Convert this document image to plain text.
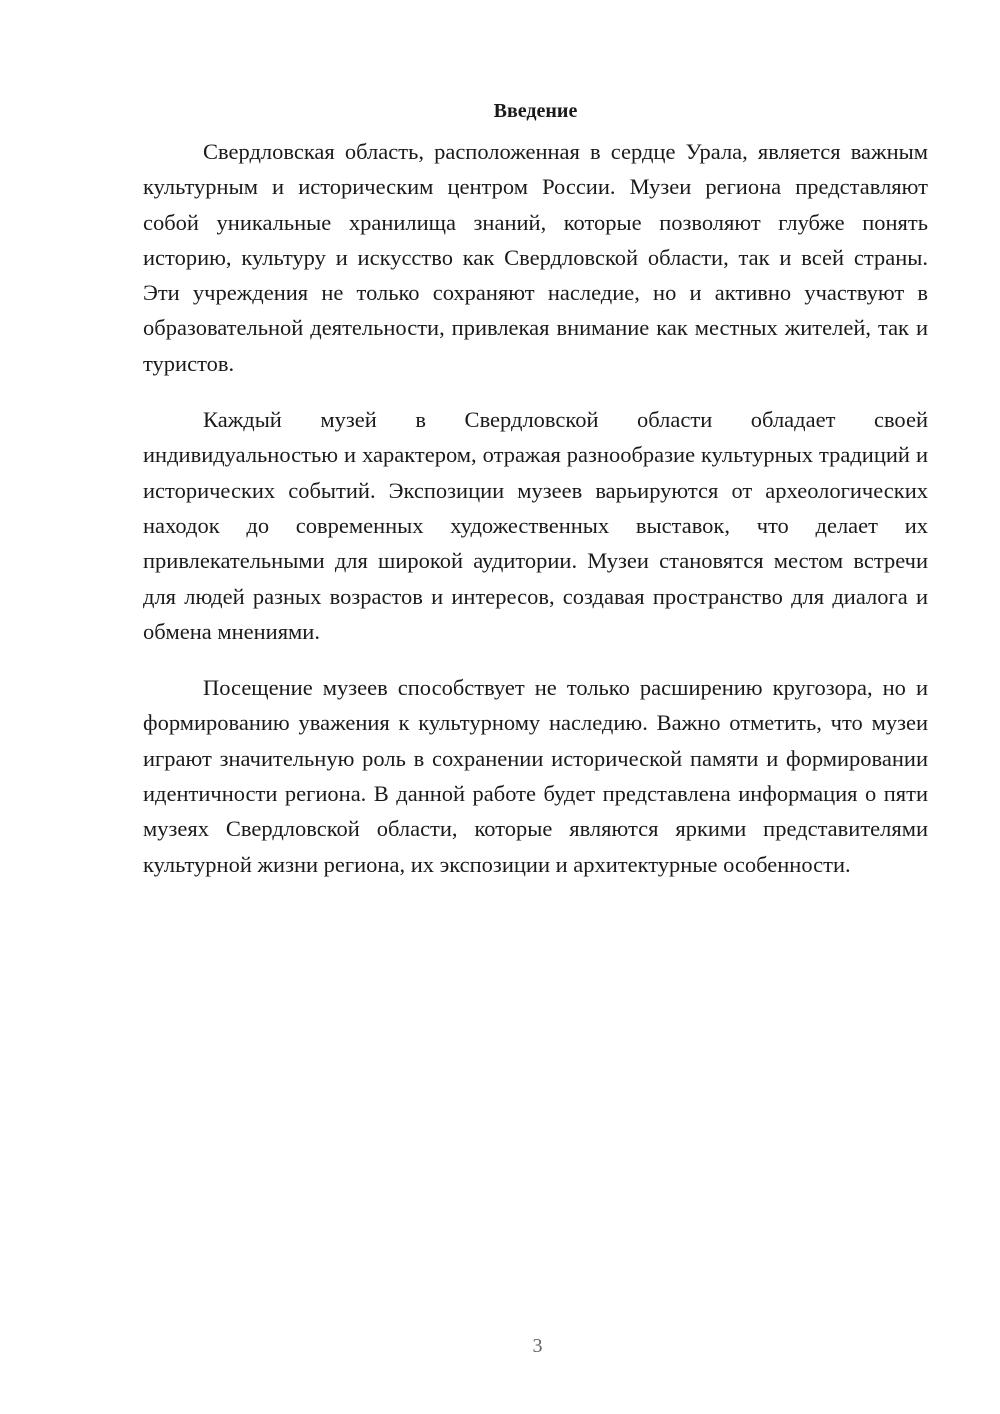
Введение

Свердловская область, расположенная в сердце Урала, является важным культурным и историческим центром России. Музеи региона представляют собой уникальные хранилища знаний, которые позволяют глубже понять историю, культуру и искусство как Свердловской области, так и всей страны. Эти учреждения не только сохраняют наследие, но и активно участвуют в образовательной деятельности, привлекая внимание как местных жителей, так и туристов.

Каждый музей в Свердловской области обладает своей индивидуальностью и характером, отражая разнообразие культурных традиций и исторических событий. Экспозиции музеев варьируются от археологических находок до современных художественных выставок, что делает их привлекательными для широкой аудитории. Музеи становятся местом встречи для людей разных возрастов и интересов, создавая пространство для диалога и обмена мнениями.

Посещение музеев способствует не только расширению кругозора, но и формированию уважения к культурному наследию. Важно отметить, что музеи играют значительную роль в сохранении исторической памяти и формировании идентичности региона. В данной работе будет представлена информация о пяти музеях Свердловской области, которые являются яркими представителями культурной жизни региона, их экспозиции и архитектурные особенности.

3
